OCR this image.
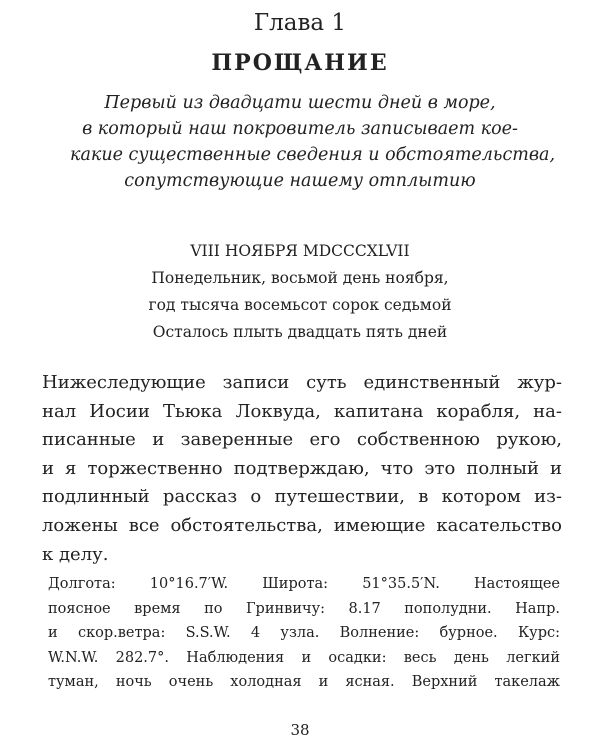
Глава 1
ПРОЩАНИЕ
Первый из двадцати шести дней в море,
в который наш покровитель записывает кое-
какие существенные сведения и обстоятельства,
сопутствующие нашему отплытию
VIII НОЯБРЯ MDCCCXLVII
Понедельник, восьмой день ноября,
год тысяча восемьсот сорок седьмой
Осталось плыть двадцать пять дней
Нижеследующие записи суть единственный жур-
нал Иосии Тьюка Локвуда, капитана корабля, на-
писанные и заверенные его собственною рукою,
и я торжественно подтверждаю, что это полный и
подлинный рассказ о путешествии, в котором из-
ложены все обстоятельства, имеющие касательство
к делу.
Долгота: 10°16.7′W. Широта: 51°35.5′N. Настоящее
поясное время по Гринвичу: 8.17 пополудни. Напр.
и скор.ветра: S.S.W. 4 узла. Волнение: бурное. Курс:
W.N.W. 282.7°. Наблюдения и осадки: весь день легкий
туман, ночь очень холодная и ясная. Верхний такелаж
38
